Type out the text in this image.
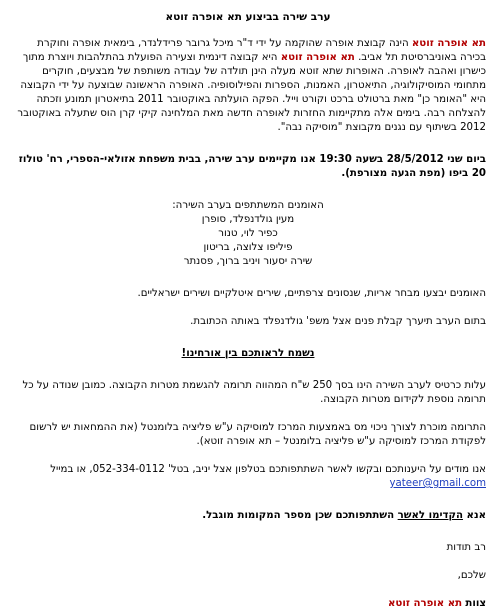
ערב שירה בביצוע תא אופרה זוטא

תא אופרה זוטא הינה קבוצת אופרה שהוקמה על ידי ד"ר מיכל גרובר פרידלנדר, בימאית אופרה וחוקרת בכירה באוניברסיטת תל אביב. תא אופרה זוטא היא קבוצה דינמית וצעירה הפועלת בהתלהבות ויוצרת מתוך כישרון ואהבה לאופרה. האופרות שתא זוטא מעלה הינן תולדה של עבודה משותפת של מבצעים, חוקרים מתחומי המוסיקולוגיה, התיאטרון, האמנות, הספרות והפילוסופיה. האופרה הראשונה שבוצעה על ידי הקבוצה היא "האומר כן" מאת ברטולט ברכט וקורט וייל. הפקה הועלתה באוקטובר 2011 בתיאטרון תמונע וזכתה להצלחה רבה. בימים אלה מתקיימות החזרות לאופרה חדשה מאת המלחינה קיקי קרן הוס שתעלה באוקטובר 2012 בשיתוף עם נגנים מקבוצת "מוסיקה נבה".

ביום שני 28/5/2012 בשעה 19:30 אנו מקיימים ערב שירה, בבית משפחת אזולאי-הספרי, רח' טולוז 20 ביפו (מפת הגעה מצורפת).

האומנים המשתתפים בערב השירה:
מעין גולדנפלד, סופרן
כפיר לוי, טנור
פיליפו צלוצה, בריטון
שירה יסעור ויניב ברוך, פסנתר

האומנים יבצעו מבחר אריות, שנסונים צרפתיים, שירים איטלקיים ושירים ישראליים.

בתום הערב תיערך קבלת פנים אצל משפ' גולדנפלד באותה הכתובת.

נשמח לראותכם בין אורחינו!

עלות כרטיס לערב השירה הינו בסך 250 ש"ח המהווה תרומה להגשמת מטרות הקבוצה. כמובן שנודה על כל תרומה נוספת לקידום מטרות הקבוצה.

התרומה מוכרת לצורך ניכוי מס באמצעות המרכז למוסיקה ע"ש פליציה בלומנטל (את ההמחאות יש לרשום לפקודת המרכז למוסיקה ע"ש פליציה בלומנטל – תא אופרה זוטא).

אנו מודים על היענותכם ובקשו לאשר השתתפותכם בטלפון אצל יניב, בטל' 052-334-0112, או במייל yateer@gmail.com

אנא הקדימו לאשר השתתפותכם שכן מספר המקומות מוגבל.

רב תודות

שלכם,

צוות תא אופרה זוטא
